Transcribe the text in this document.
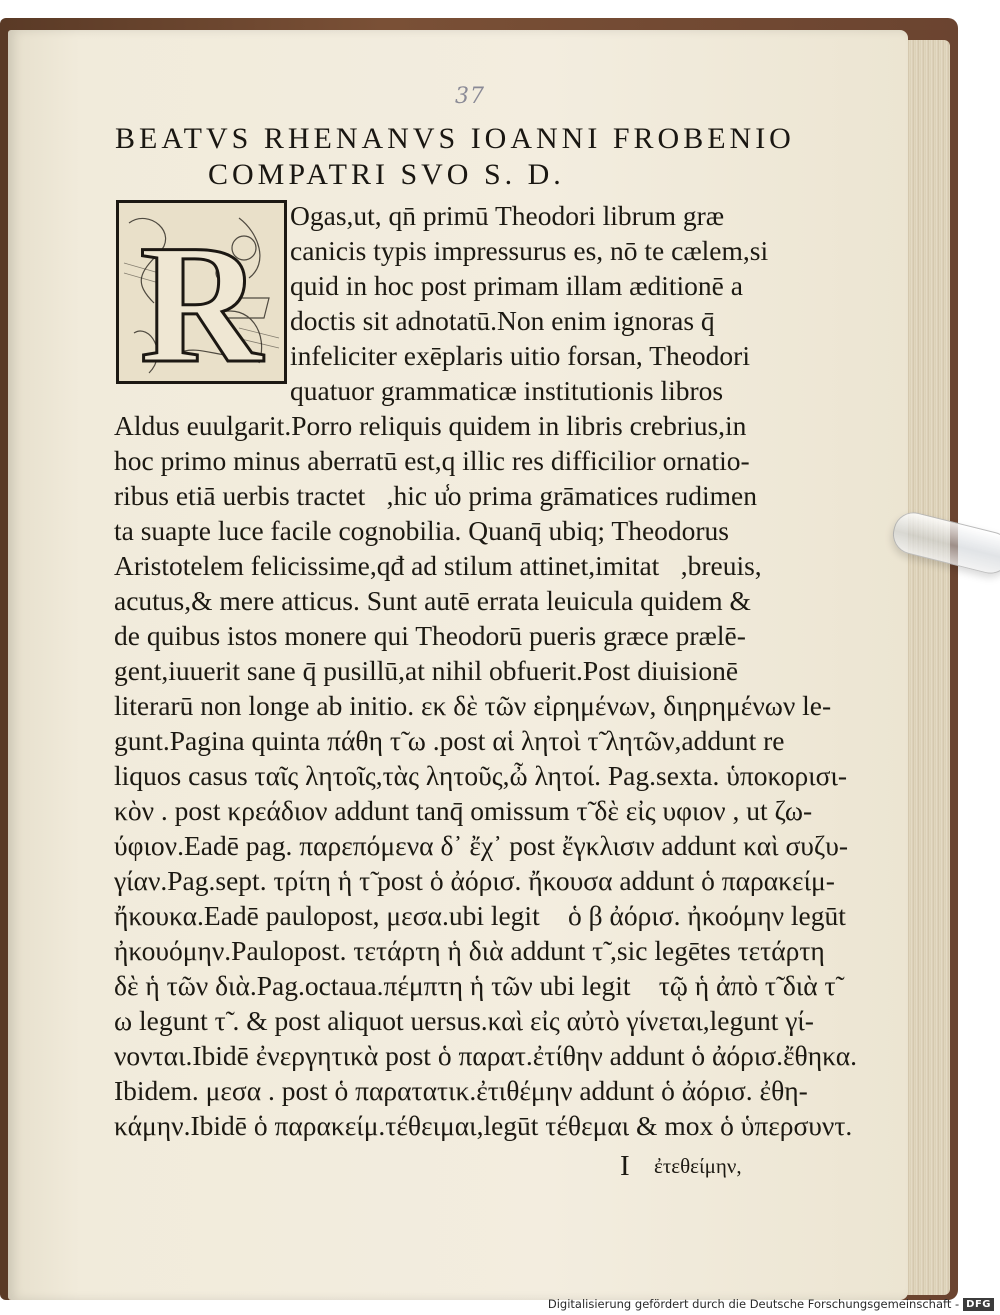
37
BEATVS RHENANVS IOANNI FROBENIO
COMPATRI SVO S. D.
R Ogas,ut, qn̄ primū Theodori librum græ
canicis typis impressurus es, nō te cælem,si
quid in hoc post primam illam æditionē a
doctis sit adnotatū.Non enim ignoras q̄
infeliciter exēplaris uitio forsan, Theodori
quatuor grammaticæ institutionis libros
Aldus euulgarit.Porro reliquis quidem in libris crebrius,in
hoc primo minus aberratū est,q illic res difficilior ornatio-
ribus etiā uerbis tractet᷑,hic u̾o prima grāmatices rudimen
ta suapte luce facile cognobilia. Quanq̄ ubiq; Theodorus
Aristotelem felicissime,qđ ad stilum attinet,imitat᷑,breuis,
acutus,& mere atticus. Sunt autē errata leuicula quidem &
de quibus istos monere qui Theodorū pueris græce prælē-
gent,iuuerit sane q̄ pusillū,at nihil obfuerit.Post diuisionē
literarū non longe ab initio. εκ δὲ τῶν εἰρημένων, διηρημένων le-
gunt.Pagina quinta πάθη τ̃ ω .post αἱ λητοὶ τ̃ λητῶν,addunt re
liquos casus ταῖς λητοῖς,τὰς λητοῦς,ὦ λητοί. Pag.sexta. ὑποκορισι-
κὸν . post κρεάδιον addunt tanq̄ omissum τ̃ δὲ εἰς υφιον , ut ζω-
ύφιον.Eadē pag. παρεπόμενα δ᾽ ἔχ᾽ post ἔγκλισιν addunt καὶ συζυ-
γίαν.Pag.sept. τρίτη ἡ τ̃ post ὁ ἀόρισ. ἤκουσα addunt ὁ παρακείμ-
ἤκουκα.Eadē paulopost, μεσα.ubi legit᷑ ὁ β ἀόρισ. ἠκοόμην legūt
ἠκουόμην.Paulopost. τετάρτη ἡ διὰ addunt τ̃ ,sic legētes τετάρτη
δὲ ἡ τῶν διὰ.Pag.octaua.πέμπτη ἡ τῶν ubi legit᷑ τῷ ἡ ἀπὸ τ̃ διὰ τ̃
ω legunt τ̃ . & post aliquot uersus.καὶ εἰς αὐτὸ γίνεται,legunt γί-
νονται.Ibidē ἐνεργητικὰ post ὁ παρατ.ἐτίθην addunt ὁ ἀόρισ.ἔθηκα.
Ibidem. μεσα . post ὁ παρατατικ.ἐτιθέμην addunt ὁ ἀόρισ. ἐθη-
κάμην.Ibidē ὁ παρακείμ.τέθειμαι,legūt τέθεμαι & mox ὁ ὑπερσυντ.
I ἐτεθείμην,
Digitalisierung gefördert durch die Deutsche Forschungsgemeinschaft - DFG
